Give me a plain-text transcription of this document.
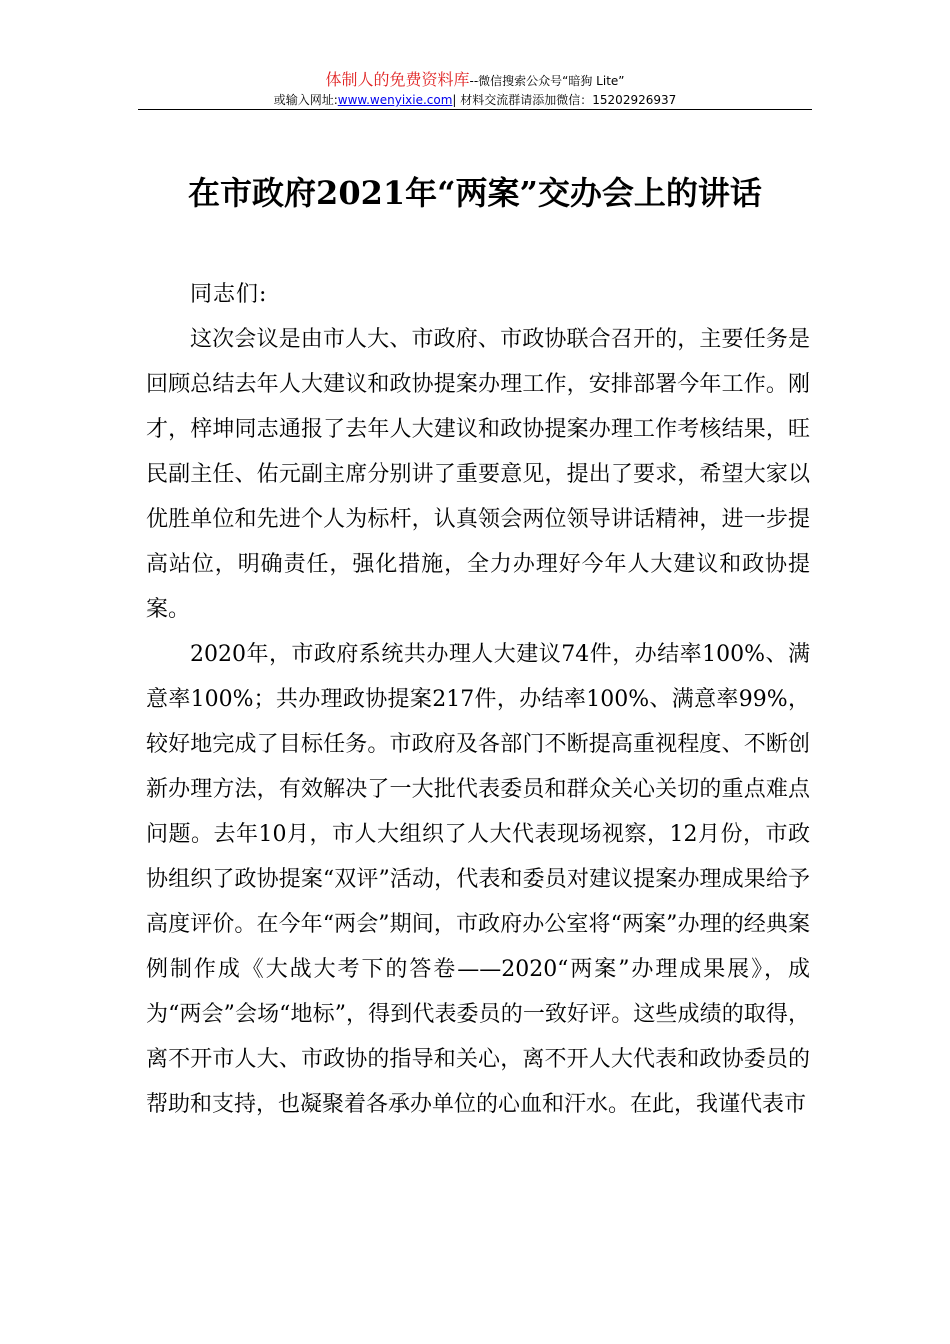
体制人的免费资料库--微信搜索公众号“暗狗 Lite”
或输入网址:www.wenyixie.com| 材料交流群请添加微信：15202926937
在市政府2021年“两案”交办会上的讲话

同志们:

这次会议是由市人大、市政府、市政协联合召开的，主要任务是回顾总结去年人大建议和政协提案办理工作，安排部署今年工作。刚才，梓坤同志通报了去年人大建议和政协提案办理工作考核结果，旺民副主任、佑元副主席分别讲了重要意见，提出了要求，希望大家以优胜单位和先进个人为标杆，认真领会两位领导讲话精神，进一步提高站位，明确责任，强化措施，全力办理好今年人大建议和政协提案。

2020年，市政府系统共办理人大建议74件，办结率100%、满意率100%；共办理政协提案217件，办结率100%、满意率99%，较好地完成了目标任务。市政府及各部门不断提高重视程度、不断创新办理方法，有效解决了一大批代表委员和群众关心关切的重点难点问题。去年10月，市人大组织了人大代表现场视察，12月份，市政协组织了政协提案“双评”活动，代表和委员对建议提案办理成果给予高度评价。在今年“两会”期间，市政府办公室将“两案”办理的经典案例制作成《大战大考下的答卷——2020“两案”办理成果展》，成为“两会”会场“地标”，得到代表委员的一致好评。这些成绩的取得，离不开市人大、市政协的指导和关心，离不开人大代表和政协委员的帮助和支持，也凝聚着各承办单位的心血和汗水。在此，我谨代表市
